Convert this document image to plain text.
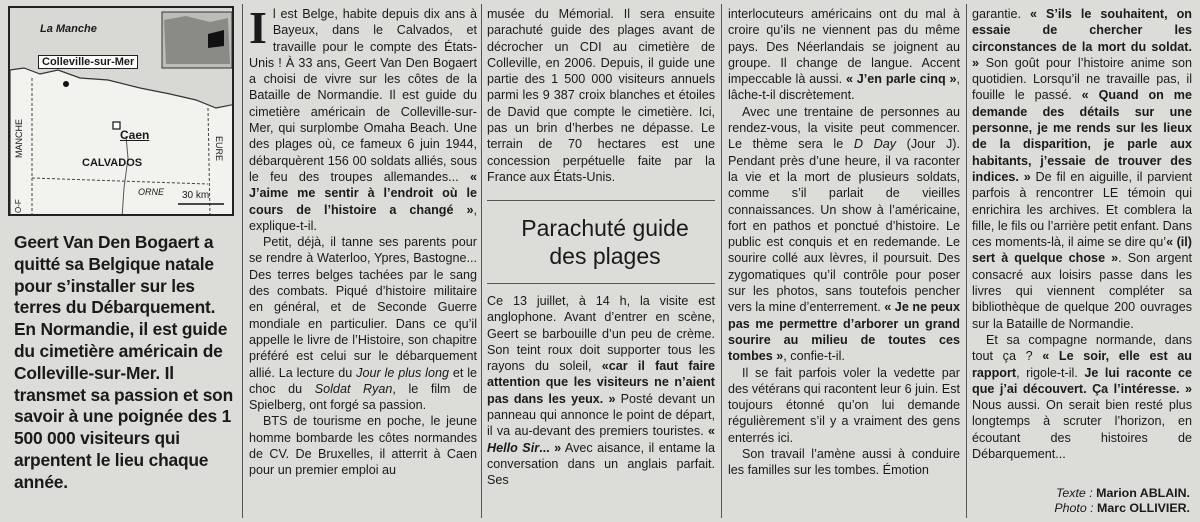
La Manche
Colleville-sur-Mer
Caen
CALVADOS
ORNE 30 km
MANCHE	EURE
O-F
Geert Van Den Bogaert a quitté sa Belgique natale pour s’installer sur les terres du Débarquement. En Normandie, il est guide du cimetière américain de Colleville-sur-Mer. Il transmet sa passion et son savoir à une poignée des 1 500 000 visiteurs qui arpentent le lieu chaque année.

Il est Belge, habite depuis dix ans à Bayeux, dans le Calvados, et travaille pour le compte des États-Unis ! À 33 ans, Geert Van Den Bogaert a choisi de vivre sur les côtes de la Bataille de Normandie. Il est guide du cimetière américain de Colleville-sur-Mer, qui surplombe Omaha Beach. Une des plages où, ce fameux 6 juin 1944, débarquèrent 156 00 soldats alliés, sous le feu des troupes allemandes... « J’aime me sentir à l’endroit où le cours de l’histoire a changé », explique-t-il.

Petit, déjà, il tanne ses parents pour se rendre à Waterloo, Ypres, Bastogne... Des terres belges tachées par le sang des combats. Piqué d’histoire militaire en général, et de Seconde Guerre mondiale en particulier. Dans ce qu’il appelle le livre de l’Histoire, son chapitre préféré est celui sur le débarquement allié. La lecture du Jour le plus long et le choc du Soldat Ryan, le film de Spielberg, ont forgé sa passion.

BTS de tourisme en poche, le jeune homme bombarde les côtes normandes de CV. De Bruxelles, il atterrit à Caen pour un premier emploi au

musée du Mémorial. Il sera ensuite parachuté guide des plages avant de décrocher un CDI au cimetière de Colleville, en 2006. Depuis, il guide une partie des 1 500 000 visiteurs annuels parmi les 9 387 croix blanches et étoiles de David que compte le cimetière. Ici, pas un brin d’herbes ne dépasse. Le terrain de 70 hectares est une concession perpétuelle faite par la France aux États-Unis.

Parachuté guide des plages

Ce 13 juillet, à 14 h, la visite est anglophone. Avant d’entrer en scène, Geert se barbouille d’un peu de crème. Son teint roux doit supporter tous les rayons du soleil, «car il faut faire attention que les visiteurs ne n’aient pas dans les yeux. » Posté devant un panneau qui annonce le point de départ, il va au-devant des premiers touristes. « Hello Sir... » Avec aisance, il entame la conversation dans un anglais parfait. Ses

interlocuteurs américains ont du mal à croire qu’ils ne viennent pas du même pays. Des Néerlandais se joignent au groupe. Il change de langue. Accent impeccable là aussi. « J’en parle cinq », lâche-t-il discrètement.

Avec une trentaine de personnes au rendez-vous, la visite peut commencer. Le thème sera le D Day (Jour J). Pendant près d’une heure, il va raconter la vie et la mort de plusieurs soldats, comme s’il parlait de vieilles connaissances. Un show à l’américaine, fort en pathos et ponctué d’histoire. Le public est conquis et en redemande. Le sourire collé aux lèvres, il poursuit. Des zygomatiques qu’il contrôle pour poser sur les photos, sans toutefois pencher vers la mine d’enterrement. « Je ne peux pas me permettre d’arborer un grand sourire au milieu de toutes ces tombes », confie-t-il.

Il se fait parfois voler la vedette par des vétérans qui racontent leur 6 juin. Est toujours étonné qu’on lui demande régulièrement s’il y a vraiment des gens enterrés ici.

Son travail l’amène aussi à conduire les familles sur les tombes. Émotion

garantie. « S’ils le souhaitent, on essaie de chercher les circonstances de la mort du soldat. » Son goût pour l’histoire anime son quotidien. Lorsqu’il ne travaille pas, il fouille le passé. « Quand on me demande des détails sur une personne, je me rends sur les lieux de la disparition, je parle aux habitants, j’essaie de trouver des indices. » De fil en aiguille, il parvient parfois à rencontrer LE témoin qui enrichira les archives. Et comblera la fille, le fils ou l’arrière petit enfant. Dans ces moments-là, il aime se dire qu’« (il) sert à quelque chose ». Son argent consacré aux loisirs passe dans les livres qui viennent compléter sa bibliothèque de quelque 200 ouvrages sur la Bataille de Normandie.

Et sa compagne normande, dans tout ça ? « Le soir, elle est au rapport, rigole-t-il. Je lui raconte ce que j’ai découvert. Ça l’intéresse. » Nous aussi. On serait bien resté plus longtemps à scruter l’horizon, en écoutant des histoires de Débarquement...

Texte : Marion ABLAIN.
Photo : Marc OLLIVIER.
